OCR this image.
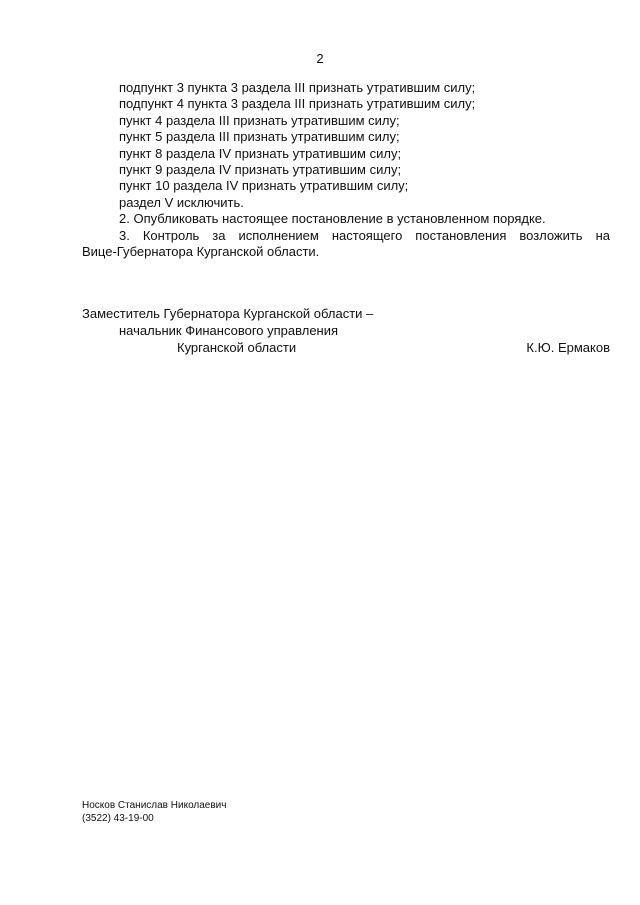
2
подпункт 3 пункта 3 раздела III признать утратившим силу;
подпункт 4 пункта 3 раздела III признать утратившим силу;
пункт 4 раздела III признать утратившим силу;
пункт 5 раздела III признать утратившим силу;
пункт 8 раздела IV признать утратившим силу;
пункт 9 раздела IV признать утратившим силу;
пункт 10 раздела IV признать утратившим силу;
раздел V исключить.
2. Опубликовать настоящее постановление в установленном порядке.
3. Контроль за исполнением настоящего постановления возложить на
Вице-Губернатора Курганской области.
Заместитель Губернатора Курганской области –
начальник Финансового управления
Курганской области	К.Ю. Ермаков
Носков Станислав Николаевич
(3522) 43-19-00
